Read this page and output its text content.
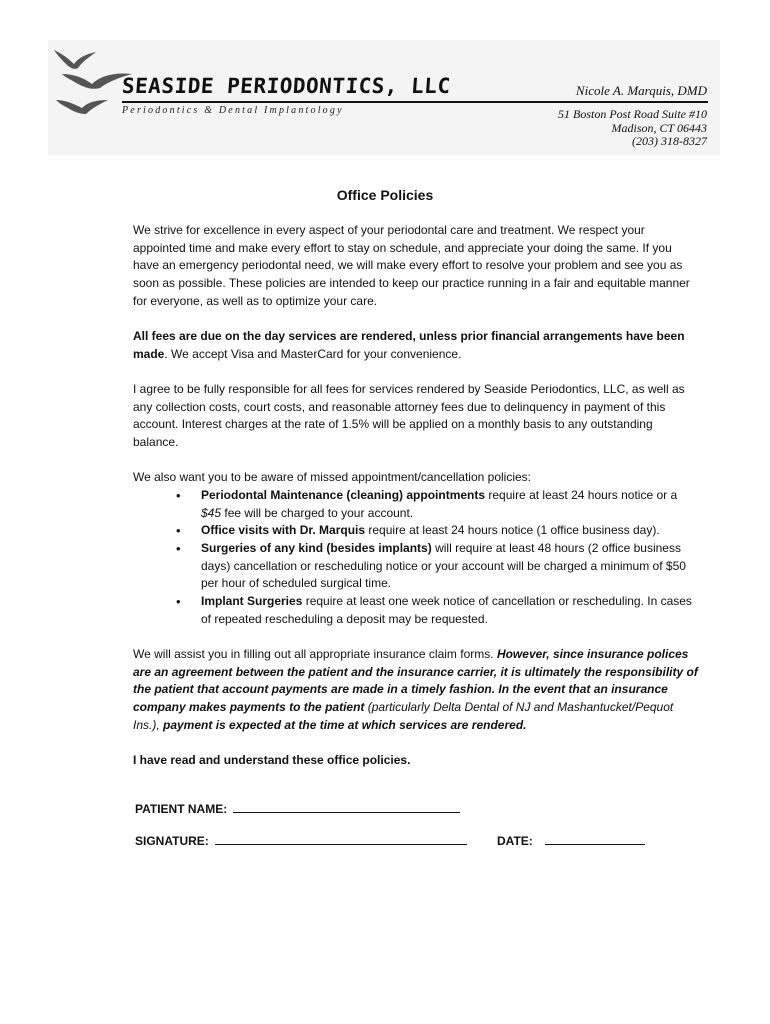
SEASIDE PERIODONTICS, LLC
Periodontics & Dental Implantology
Nicole A. Marquis, DMD
51 Boston Post Road Suite #10
Madison, CT 06443
(203) 318-8327
Office Policies

We strive for excellence in every aspect of your periodontal care and treatment. We respect your appointed time and make every effort to stay on schedule, and appreciate your doing the same. If you have an emergency periodontal need, we will make every effort to resolve your problem and see you as soon as possible. These policies are intended to keep our practice running in a fair and equitable manner for everyone, as well as to optimize your care.

All fees are due on the day services are rendered, unless prior financial arrangements have been made. We accept Visa and MasterCard for your convenience.

I agree to be fully responsible for all fees for services rendered by Seaside Periodontics, LLC, as well as any collection costs, court costs, and reasonable attorney fees due to delinquency in payment of this account. Interest charges at the rate of 1.5% will be applied on a monthly basis to any outstanding balance.

We also want you to be aware of missed appointment/cancellation policies:
• Periodontal Maintenance (cleaning) appointments require at least 24 hours notice or a $45 fee will be charged to your account.
• Office visits with Dr. Marquis require at least 24 hours notice (1 office business day).
• Surgeries of any kind (besides implants) will require at least 48 hours (2 office business days) cancellation or rescheduling notice or your account will be charged a minimum of $50 per hour of scheduled surgical time.
• Implant Surgeries require at least one week notice of cancellation or rescheduling. In cases of repeated rescheduling a deposit may be requested.

We will assist you in filling out all appropriate insurance claim forms. However, since insurance polices are an agreement between the patient and the insurance carrier, it is ultimately the responsibility of the patient that account payments are made in a timely fashion. In the event that an insurance company makes payments to the patient (particularly Delta Dental of NJ and Mashantucket/Pequot Ins.), payment is expected at the time at which services are rendered.

I have read and understand these office policies.

PATIENT NAME:
SIGNATURE:	DATE:
